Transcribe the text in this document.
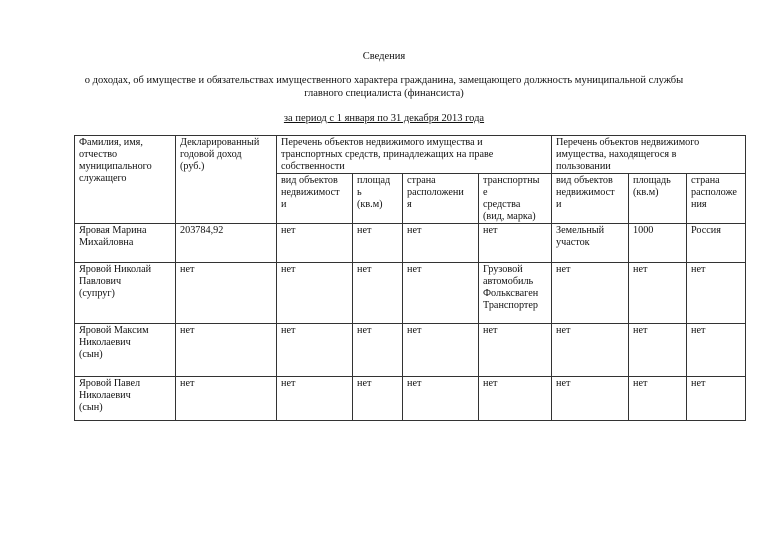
Сведения
о доходах, об имуществе и обязательствах имущественного характера гражданина, замещающего должность муниципальной службы
главного специалиста (финансиста)
за период с 1 января по 31 декабря 2013 года
Фамилия, имя,
отчество
муниципального
служащего	Декларированный
годовой доход
(руб.)	Перечень объектов недвижимого имущества и
транспортных средств, принадлежащих на праве
собственности				Перечень объектов недвижимого
имущества, находящегося в
пользовании		
		вид объектов
недвижимост
и	площад
ь
(кв.м)	страна
расположени
я	транспортны
е
средства
(вид, марка)	вид объектов
недвижимост
и	площадь
(кв.м)	страна
расположе
ния
Яровая Марина
Михайловна	203784,92	нет	нет	нет	нет	Земельный
участок	1000	Россия
Яровой Николай
Павлович
(супруг)	нет	нет	нет	нет	Грузовой
автомобиль
Фольксваген
Транспортер	нет	нет	нет
Яровой Максим
Николаевич
(сын)	нет	нет	нет	нет	нет	нет	нет	нет
Яровой Павел
Николаевич
(сын)	нет	нет	нет	нет	нет	нет	нет	нет
